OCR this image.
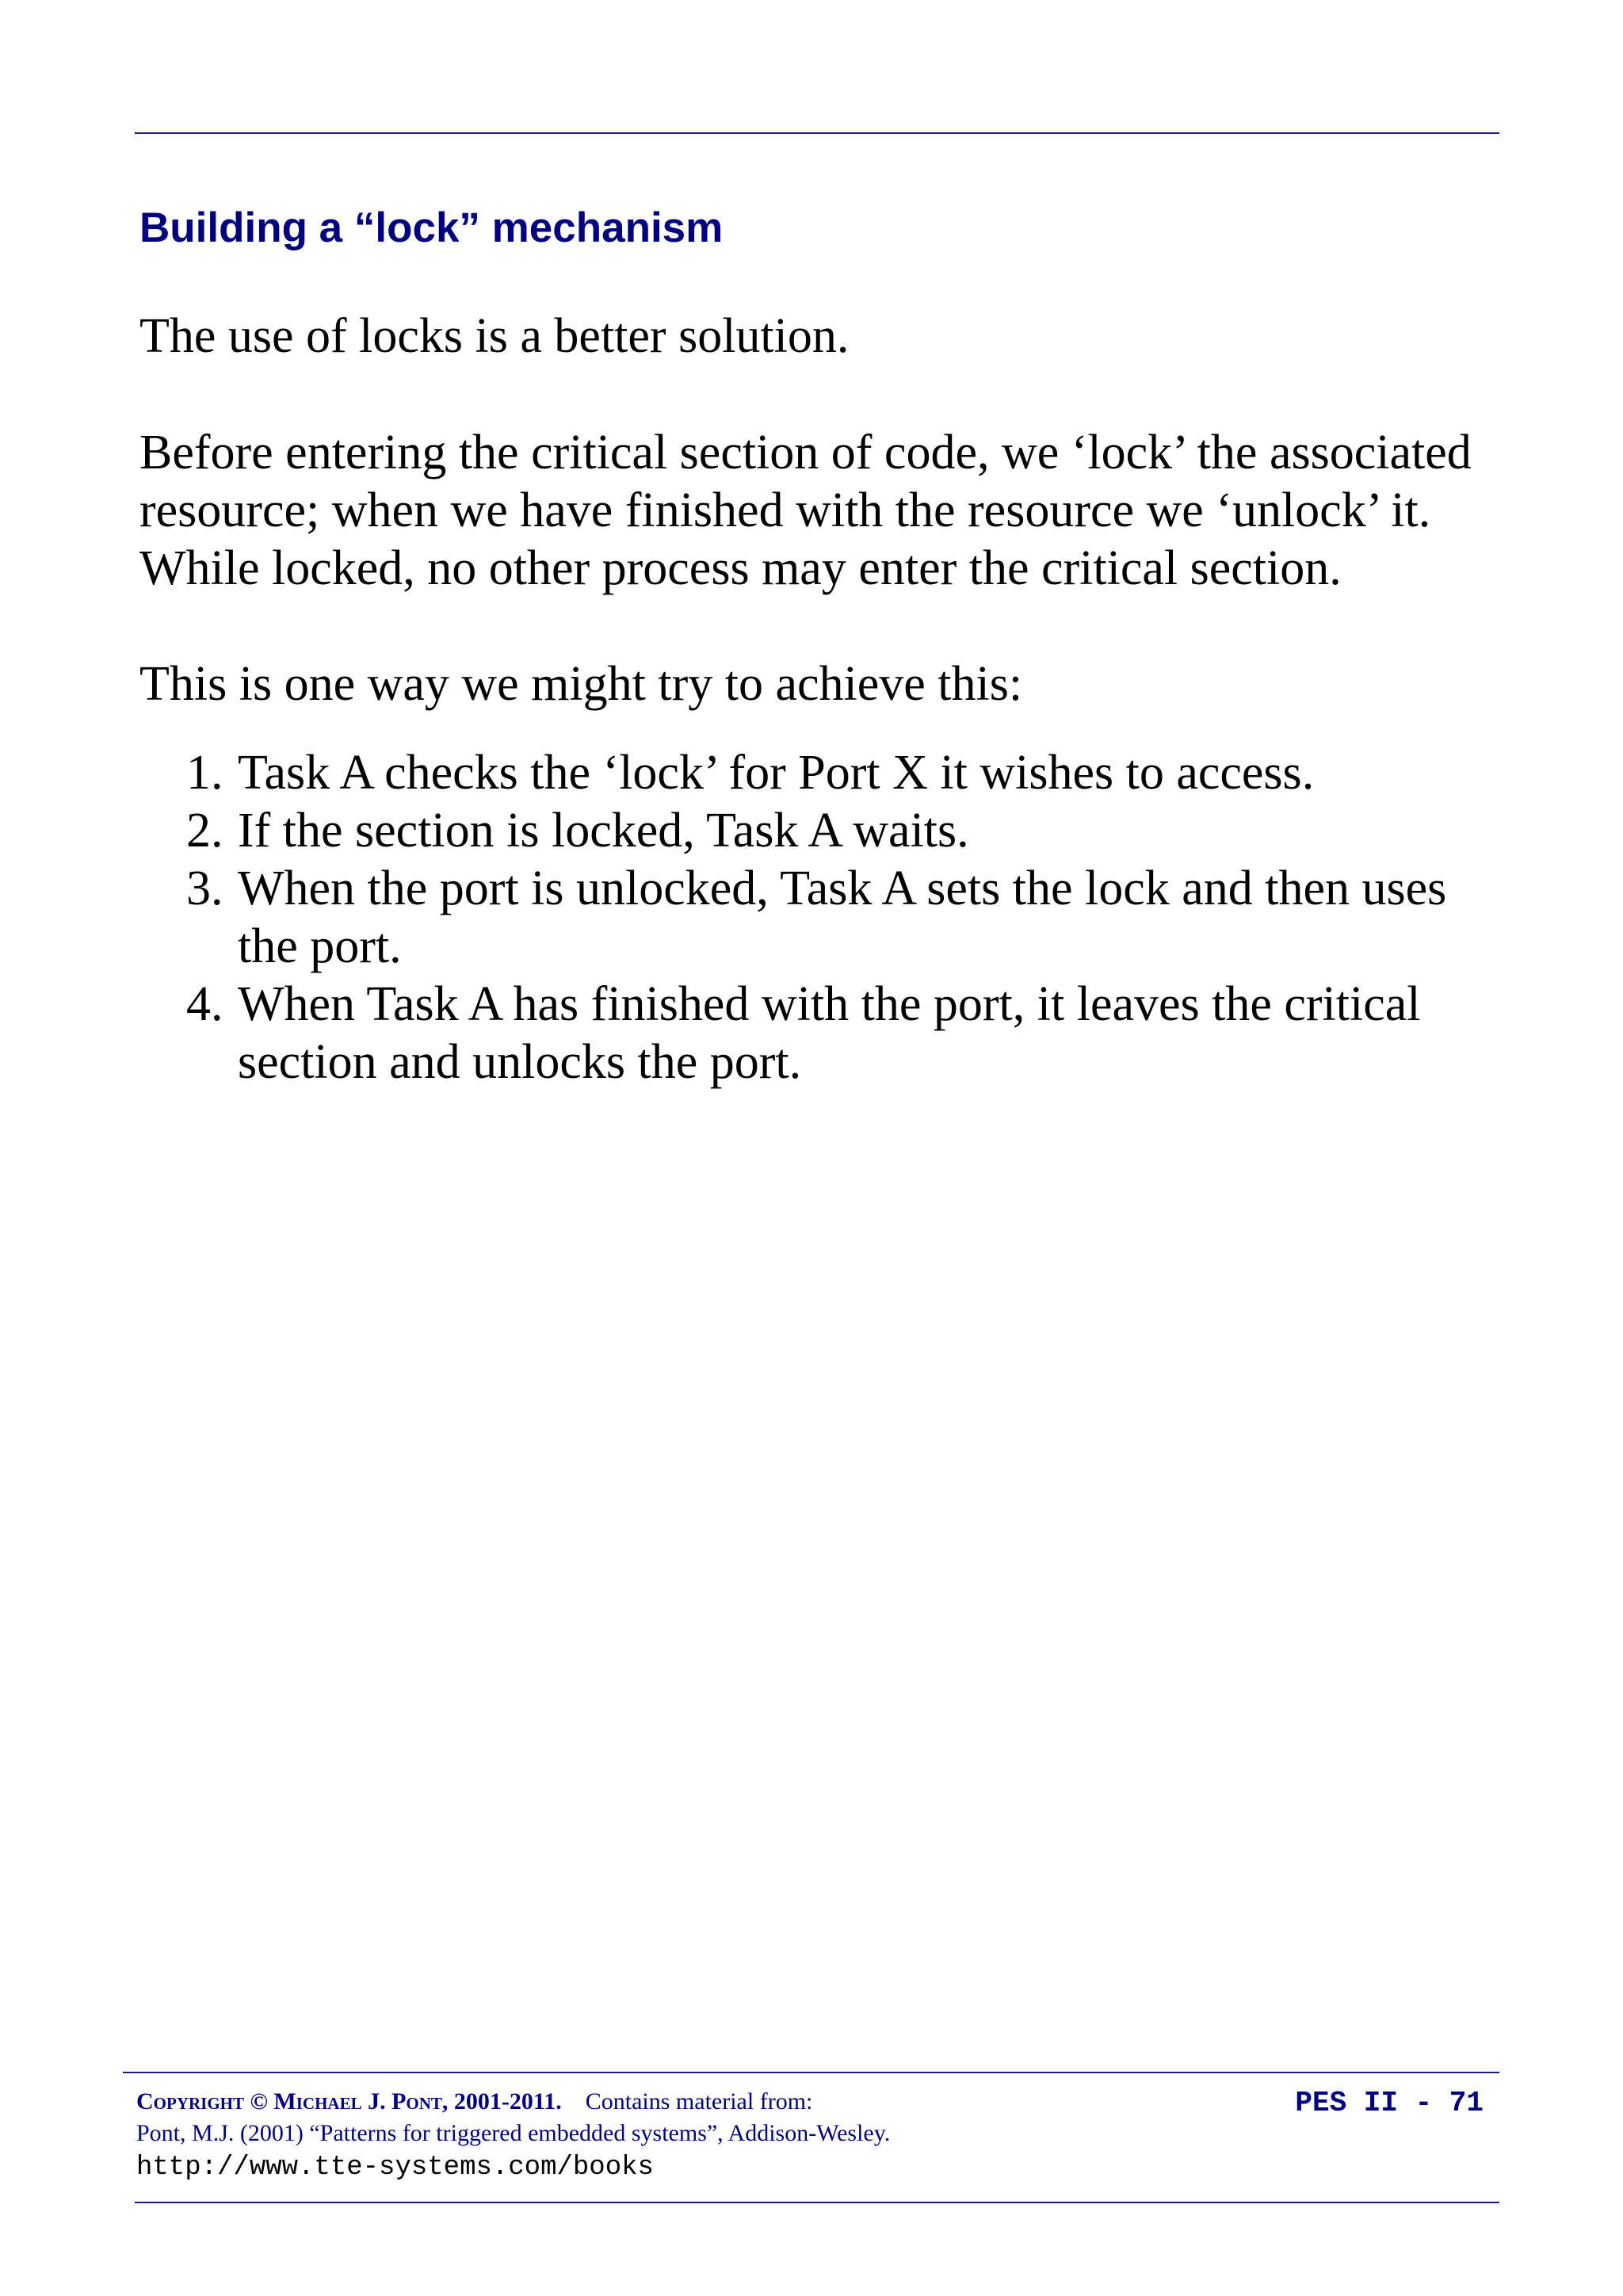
Building a “lock” mechanism

The use of locks is a better solution.

Before entering the critical section of code, we ‘lock’ the associated
resource; when we have finished with the resource we ‘unlock’ it.
While locked, no other process may enter the critical section.

This is one way we might try to achieve this:

1. Task A checks the ‘lock’ for Port X it wishes to access.
2. If the section is locked, Task A waits.
3. When the port is unlocked, Task A sets the lock and then uses
the port.
4. When Task A has finished with the port, it leaves the critical
section and unlocks the port.
Copyright © Michael J. Pont, 2001-2011. Contains material from:
Pont, M.J. (2001) “Patterns for triggered embedded systems”, Addison-Wesley.
http://www.tte-systems.com/books
PES II - 71
